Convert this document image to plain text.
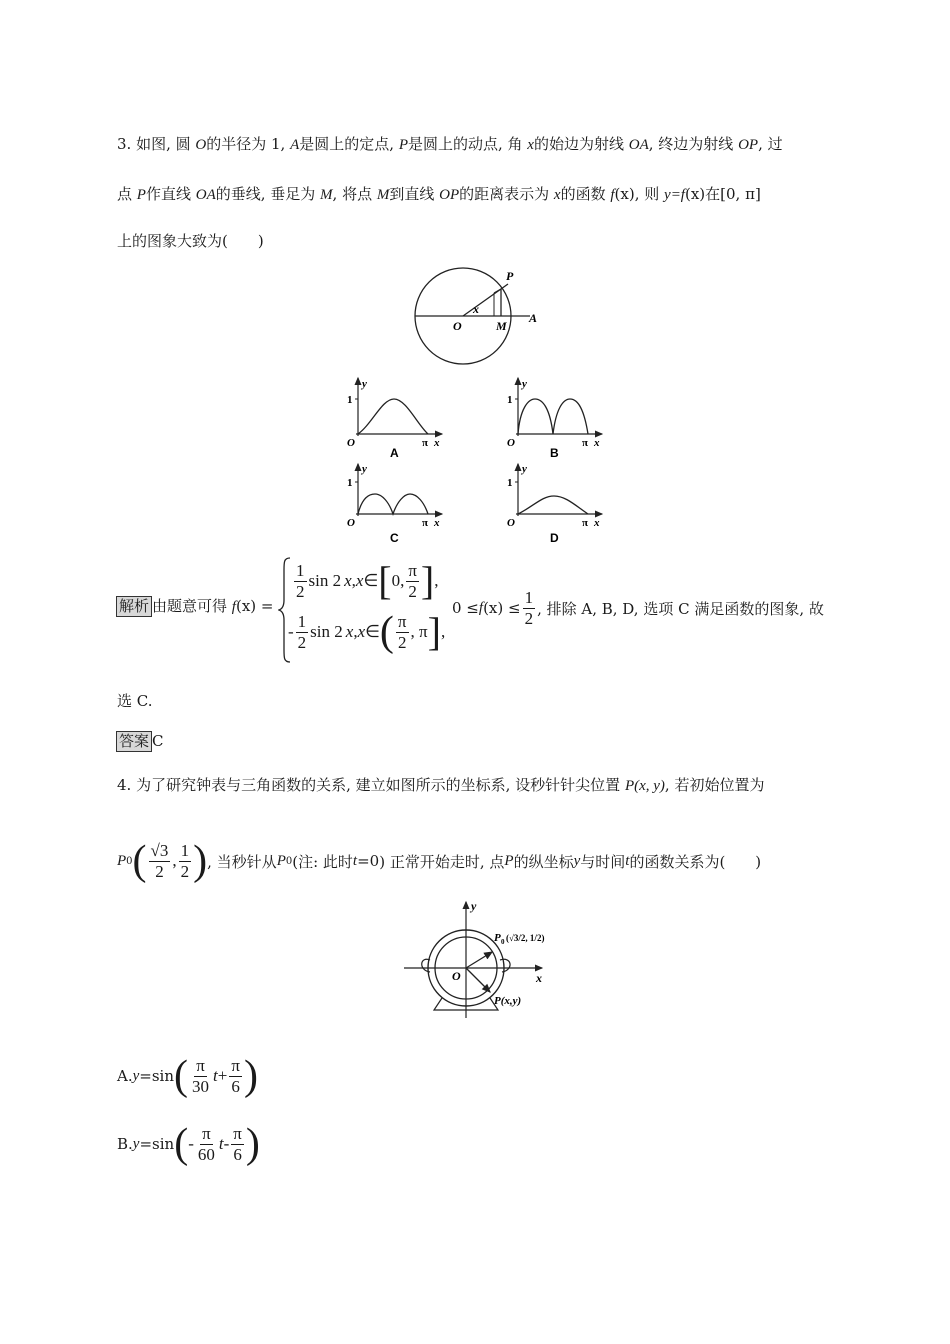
3. 如图, 圆 O的半径为 1, A是圆上的定点, P是圆上的动点, 角 x的始边为射线 OA, 终边为射线 OP, 过
点 P作直线 OA的垂线, 垂足为 M, 将点 M到直线 OP的距离表示为 x的函数 f(x), 则 y=f(x)在[0, π]
上的图象大致为(　　)
P
x
O	M
A
y
1
O	π x
A
y
1
O	π x
B
y
1
O	π x
C
y
1
O	π x
D
解析 由题意可得 f(x) =
$\frac{1}{2}$ sin 2 x , x ∈ [ 0, $\frac{\pi}{2}$ ] ,
- $\frac{1}{2}$ sin 2 x , x ∈ ( $\frac{\pi}{2}$ , π ] ,
0 ≤ f $(x) \le \frac{1}{2}$ , 排除 A, B, D, 选项 C 满足函数的图象, 故
选 C.
答案 C
4. 为了研究钟表与三角函数的关系, 建立如图所示的坐标系, 设秒针针尖位置 P(x, y), 若初始位置为
P 0 ( $\frac{√3}{2}$ , $\frac{1}{2}$ ) , 当秒针从 P 0 (注: 此时 t =0 ) 正常开始走时, 点 P 的纵坐标 y 与时间 t 的函数关系为(　　)
y
O	x
P 0 (√3/2, 1/2)
P(x,y)
A. y =sin ( $\frac{\pi}{30}$ $t + \frac{\pi}{6}$ )
B. y =sin ( - $\frac{\pi}{60}$ t - $\frac{\pi}{6}$ )
